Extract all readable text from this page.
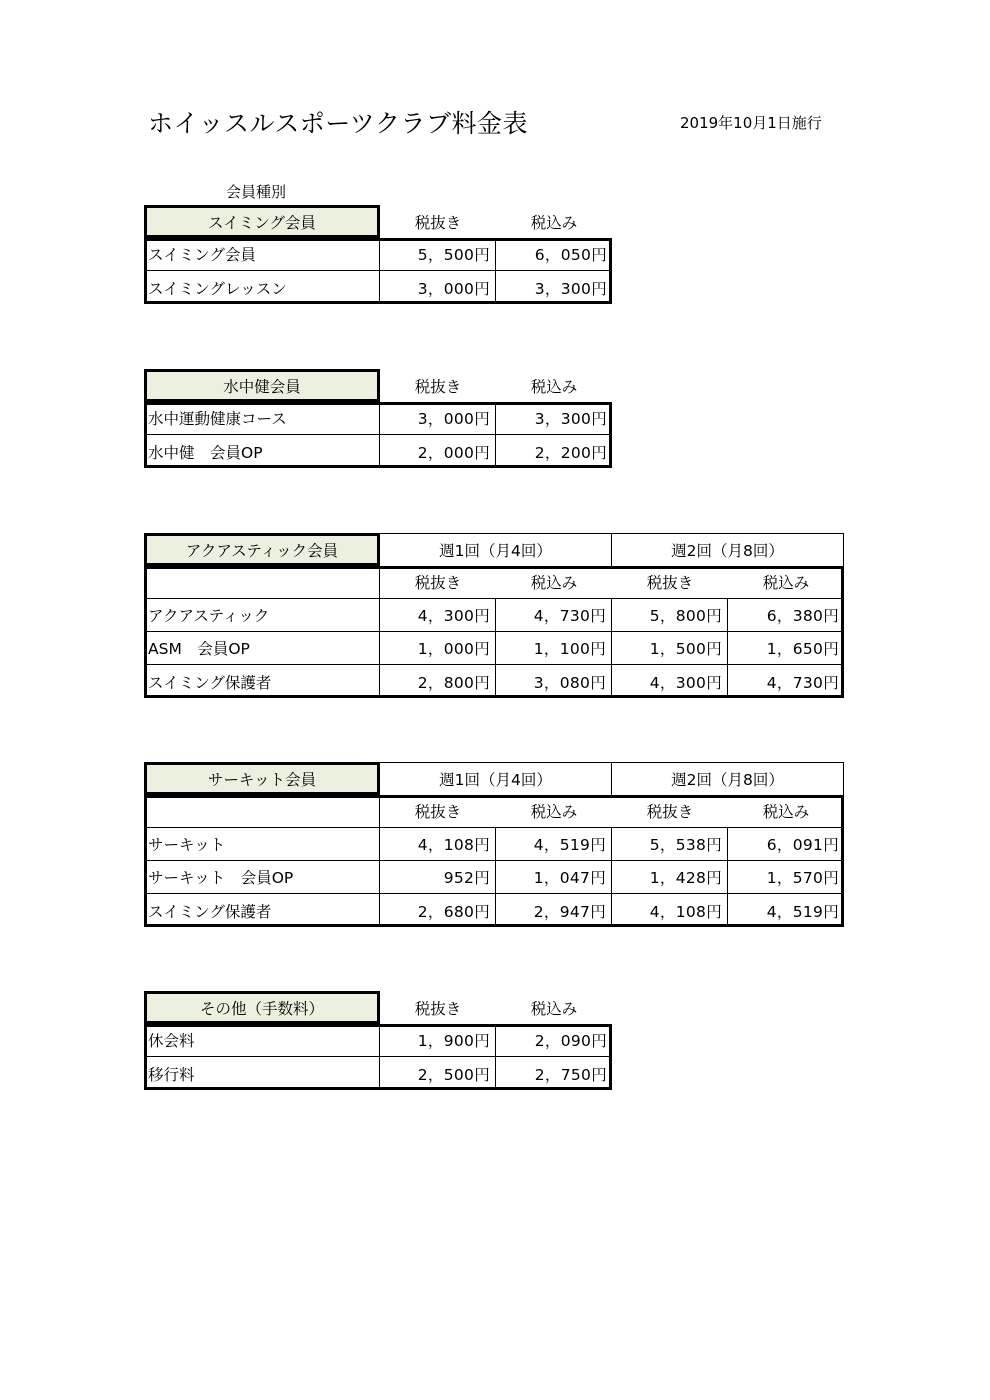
ホイッスルスポーツクラブ料金表	2019年10月1日施行
会員種別
スイミング会員	税抜き	税込み
スイミング会員	5，500円	6，050円
スイミングレッスン	3，000円	3，300円
水中健会員	税抜き	税込み
水中運動健康コース	3，000円	3，300円
水中健　会員OP	2，000円	2，200円
アクアスティック会員	週1回（月4回）	週2回（月8回）
税抜き	税込み	税抜き	税込み
アクアスティック	4，300円	4，730円	5，800円	6，380円
ASM　会員OP	1，000円	1，100円	1，500円	1，650円
スイミング保護者	2，800円	3，080円	4，300円	4，730円
サーキット会員	週1回（月4回）	週2回（月8回）
税抜き	税込み	税抜き	税込み
サーキット	4，108円	4，519円	5，538円	6，091円
サーキット　会員OP	952円	1，047円	1，428円	1，570円
スイミング保護者	2，680円	2，947円	4，108円	4，519円
その他（手数料）	税抜き	税込み
休会料	1，900円	2，090円
移行料	2，500円	2，750円
